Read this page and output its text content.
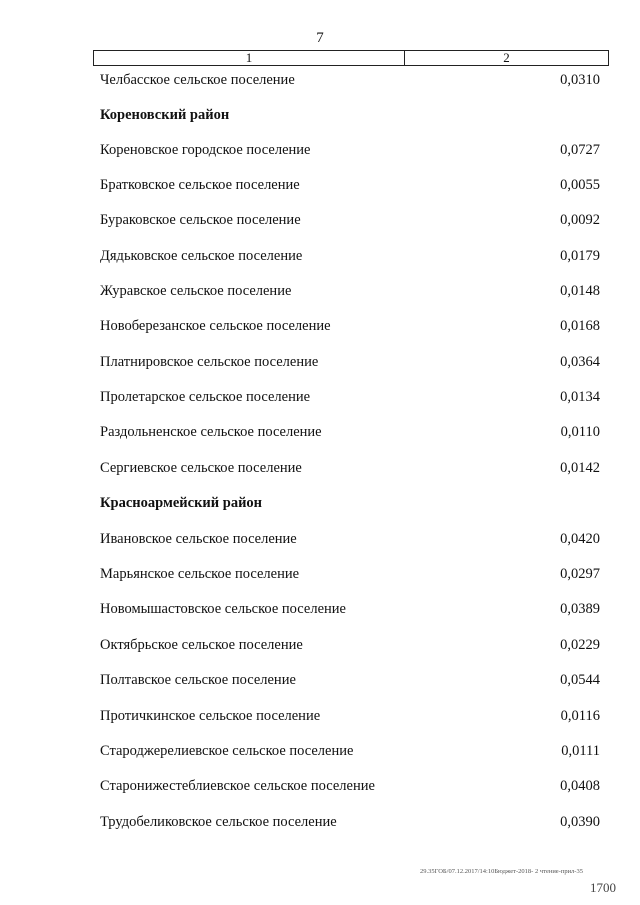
7
1	2
Челбасское сельское поселение	0,0310
Кореновский район
Кореновское городское поселение	0,0727
Братковское сельское поселение	0,0055
Бураковское сельское поселение	0,0092
Дядьковское сельское поселение	0,0179
Журавское сельское поселение	0,0148
Новоберезанское сельское поселение	0,0168
Платнировское сельское поселение	0,0364
Пролетарское сельское поселение	0,0134
Раздольненское сельское поселение	0,0110
Сергиевское сельское поселение	0,0142
Красноармейский район
Ивановское сельское поселение	0,0420
Марьянское сельское поселение	0,0297
Новомышастовское сельское поселение	0,0389
Октябрьское сельское поселение	0,0229
Полтавское сельское поселение	0,0544
Протичкинское сельское поселение	0,0116
Староджерелиевское сельское поселение	0,0111
Старонижестеблиевское сельское поселение	0,0408
Трудобеликовское сельское поселение	0,0390
29.35ГОБ/07.12.2017/14:10Бюджет-2018- 2 чтение-прил-35
1700
